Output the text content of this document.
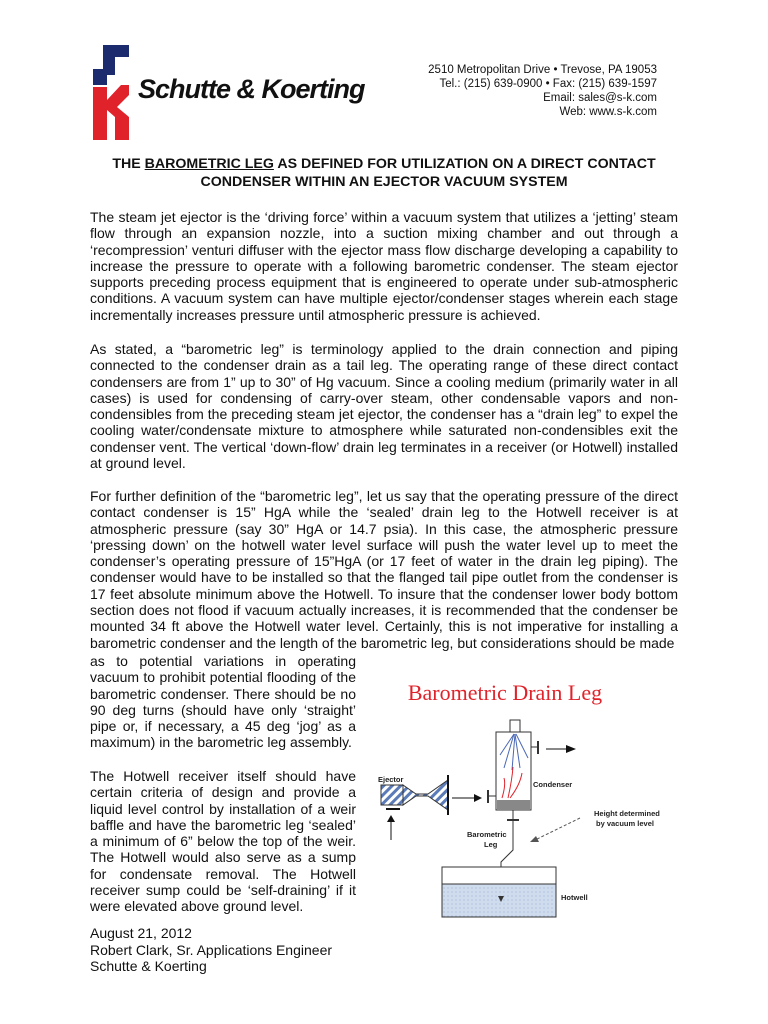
Schutte & Koerting
2510 Metropolitan Drive • Trevose, PA 19053
Tel.: (215) 639-0900 • Fax: (215) 639-1597
Email: sales@s-k.com
Web: www.s-k.com
THE BAROMETRIC LEG AS DEFINED FOR UTILIZATION ON A DIRECT CONTACT CONDENSER WITHIN AN EJECTOR VACUUM SYSTEM

The steam jet ejector is the ‘driving force’ within a vacuum system that utilizes a ‘jetting’ steam flow through an expansion nozzle, into a suction mixing chamber and out through a ‘recompression’ venturi diffuser with the ejector mass flow discharge developing a capability to increase the pressure to operate with a following barometric condenser. The steam ejector supports preceding process equipment that is engineered to operate under sub-atmospheric conditions. A vacuum system can have multiple ejector/condenser stages wherein each stage incrementally increases pressure until atmospheric pressure is achieved.

As stated, a “barometric leg” is terminology applied to the drain connection and piping connected to the condenser drain as a tail leg. The operating range of these direct contact condensers are from 1” up to 30” of Hg vacuum. Since a cooling medium (primarily water in all cases) is used for condensing of carry-over steam, other condensable vapors and non-condensibles from the preceding steam jet ejector, the condenser has a “drain leg” to expel the cooling water/condensate mixture to atmosphere while saturated non-condensibles exit the condenser vent. The vertical ‘down-flow’ drain leg terminates in a receiver (or Hotwell) installed at ground level.

For further definition of the “barometric leg”, let us say that the operating pressure of the direct contact condenser is 15” HgA while the ‘sealed’ drain leg to the Hotwell receiver is at atmospheric pressure (say 30” HgA or 14.7 psia). In this case, the atmospheric pressure ‘pressing down’ on the hotwell water level surface will push the water level up to meet the condenser’s operating pressure of 15”HgA (or 17 feet of water in the drain leg piping). The condenser would have to be installed so that the flanged tail pipe outlet from the condenser is 17 feet absolute minimum above the Hotwell. To insure that the condenser lower body bottom section does not flood if vacuum actually increases, it is recommended that the condenser be mounted 34 ft above the Hotwell water level. Certainly, this is not imperative for installing a barometric condenser and the length of the barometric leg, but considerations should be made

as to potential variations in operating vacuum to prohibit potential flooding of the barometric condenser. There should be no 90 deg turns (should have only ‘straight’ pipe or, if necessary, a 45 deg ‘jog’ as a maximum) in the barometric leg assembly.

The Hotwell receiver itself should have certain criteria of design and provide a liquid level control by installation of a weir baffle and have the barometric leg ‘sealed’ a minimum of 6” below the top of the weir. The Hotwell would also serve as a sump for condensate removal. The Hotwell receiver sump could be ‘self-draining’ if it were elevated above ground level.

Barometric Drain Leg
Ejector
Condenser
Barometric
Leg
Height determined
by vacuum level
Hotwell
August 21, 2012
Robert Clark, Sr. Applications Engineer
Schutte & Koerting
